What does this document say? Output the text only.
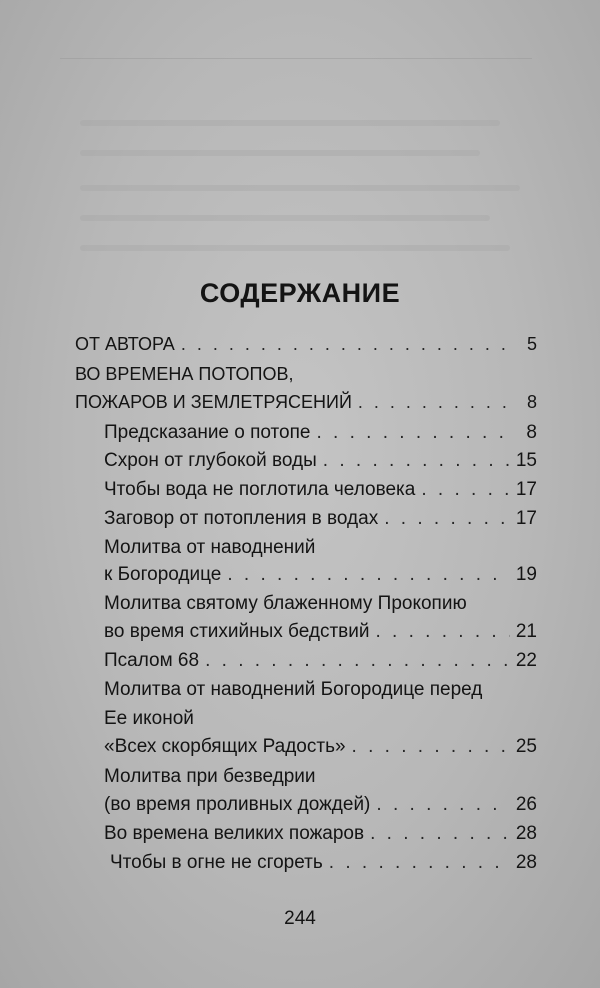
СОДЕРЖАНИЕ
ОТ АВТОРА . . .	5
ВО ВРЕМЕНА ПОТОПОВ,
ПОЖАРОВ И ЗЕМЛЕТРЯСЕНИЙ . . .	8
Предсказание о потопе . . .	8
Схрон от глубокой воды . . .	15
Чтобы вода не поглотила человека . . .	17
Заговор от потопления в водах . . .	17
Молитва от наводнений
к Богородице . . .	19
Молитва святому блаженному Прокопию
во время стихийных бедствий . . .	21
Псалом 68 . . .	22
Молитва от наводнений Богородице перед
Ее иконой
«Всех скорбящих Радость» . . .	25
Молитва при безведрии
(во время проливных дождей) . . .	26
Во времена великих пожаров . . .	28
Чтобы в огне не сгореть . . .	28
244
